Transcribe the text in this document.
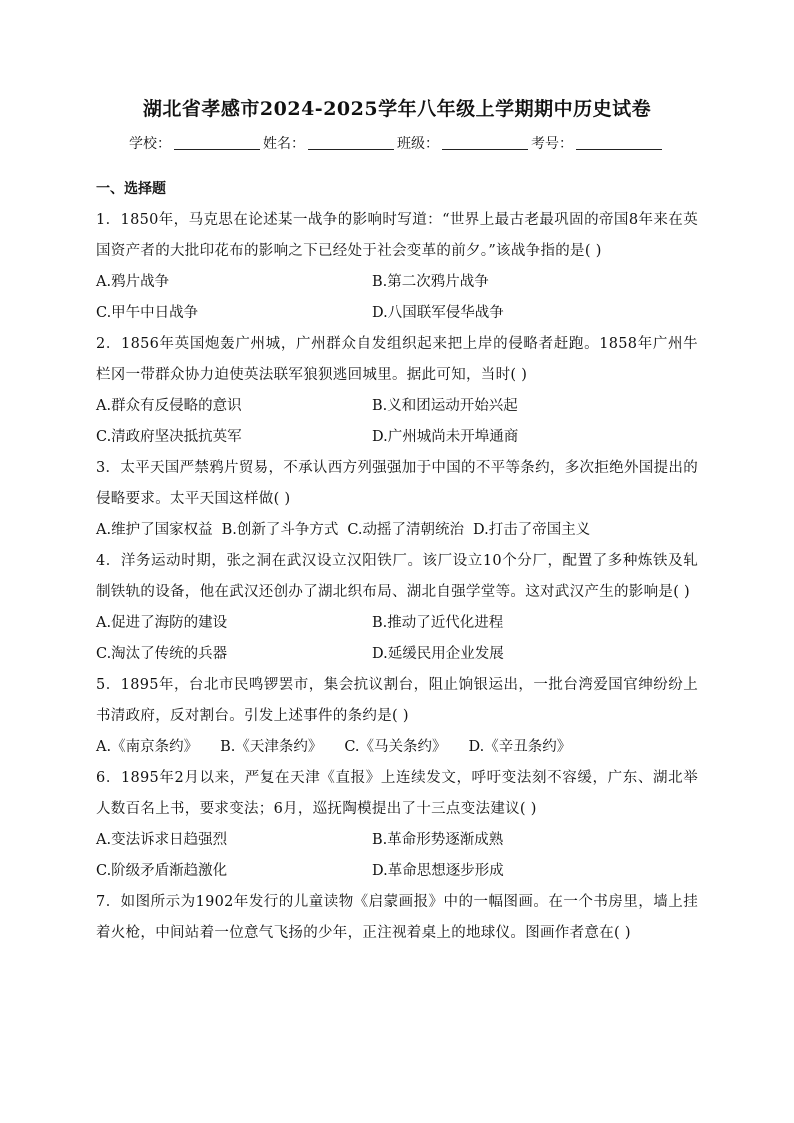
湖北省孝感市2024-2025学年八年级上学期期中历史试卷
学校：	姓名：	班级：	考号：
一、选择题
1．1850年，马克思在论述某一战争的影响时写道：“世界上最古老最巩固的帝国8年来在英国资产者的大批印花布的影响之下已经处于社会变革的前夕。”该战争指的是( )
A.鸦片战争	B.第二次鸦片战争
C.甲午中日战争	D.八国联军侵华战争
2．1856年英国炮轰广州城，广州群众自发组织起来把上岸的侵略者赶跑。1858年广州牛栏冈一带群众协力迫使英法联军狼狈逃回城里。据此可知，当时( )
A.群众有反侵略的意识	B.义和团运动开始兴起
C.清政府坚决抵抗英军	D.广州城尚未开埠通商
3．太平天国严禁鸦片贸易，不承认西方列强强加于中国的不平等条约，多次拒绝外国提出的侵略要求。太平天国这样做( )
A.维护了国家权益 B.创新了斗争方式 C.动摇了清朝统治 D.打击了帝国主义
4．洋务运动时期，张之洞在武汉设立汉阳铁厂。该厂设立10个分厂，配置了多种炼铁及轧制铁轨的设备，他在武汉还创办了湖北织布局、湖北自强学堂等。这对武汉产生的影响是( )
A.促进了海防的建设	B.推动了近代化进程
C.淘汰了传统的兵器	D.延缓民用企业发展
5．1895年，台北市民鸣锣罢市，集会抗议割台，阻止饷银运出，一批台湾爱国官绅纷纷上书清政府，反对割台。引发上述事件的条约是( )
A.《南京条约》 B.《天津条约》 C.《马关条约》 D.《辛丑条约》
6．1895年2月以来，严复在天津《直报》上连续发文，呼吁变法刻不容缓，广东、湖北举人数百名上书，要求变法；6月，巡抚陶模提出了十三点变法建议( )
A.变法诉求日趋强烈	B.革命形势逐渐成熟
C.阶级矛盾渐趋激化	D.革命思想逐步形成
7．如图所示为1902年发行的儿童读物《启蒙画报》中的一幅图画。在一个书房里，墙上挂着火枪，中间站着一位意气飞扬的少年，正注视着桌上的地球仪。图画作者意在( )
